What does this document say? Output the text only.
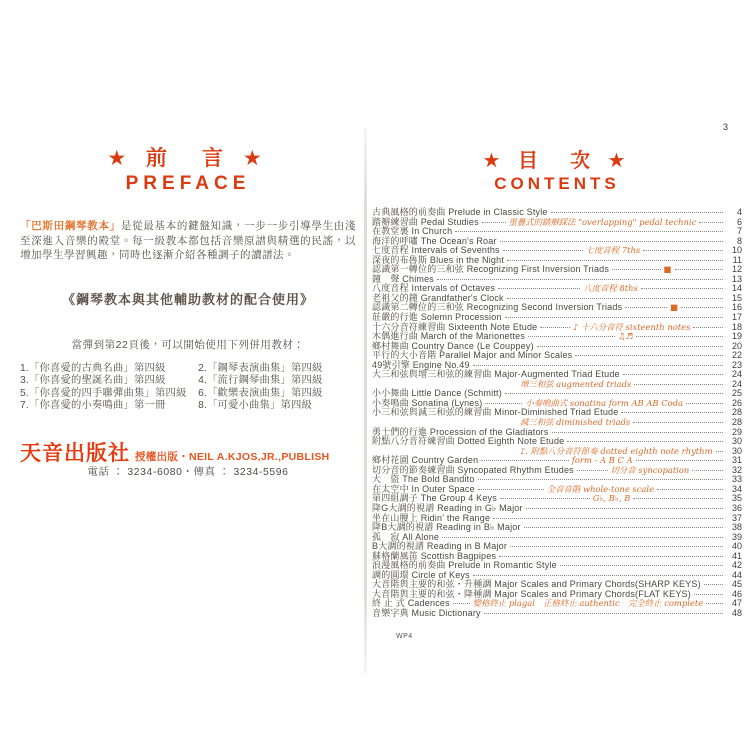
★ 前　言 ★
PREFACE
「巴斯田鋼琴教本」是從最基本的鍵盤知識，一步一步引導學生由淺至深進入音樂的殿堂。每一級教本都包括音樂原譜與精選的民謠，以增加學生學習興趣，同時也逐漸介紹各種調子的讀譜法。
《鋼琴教本與其他輔助教材的配合使用》
當彈到第22頁後，可以開始使用下列併用教材：
1.「你喜愛的古典名曲」第四級	2.「鋼琴表演曲集」第四級
3.「你喜愛的聖誕名曲」第四級	4.「流行鋼琴曲集」第四級
5.「你喜愛的四手聯彈曲集」第四級	6.「歡樂表演曲集」第四級
7.「你喜愛的小奏鳴曲」第一冊	8.「可愛小曲集」第四級
天音出版社 授權出版・NEIL A.KJOS,JR.,PUBLISH
電話 ： 3234-6080・傳真 ： 3234-5596
3
★ 目　次 ★
CONTENTS
古典風格的前奏曲 Prelude in Classic Style	4
踏瓣練習曲 Pedal Studies	重疊式的踏瓣踩法 "overlapping" pedal technic	6
在教堂裏 In Church	7
海洋的呼嘯 The Ocean's Roar	8
七度音程 Intervals of Sevenths	七度音程 7ths	10
深夜的布魯斯 Blues in the Night	11
認識第一轉位的三和弦 Recognizing First Inversion Triads	■	12
鐘　聲 Chimes	13
八度音程 Intervals of Octaves	八度音程 8ths	14
老祖父的鐘 Grandfather's Clock	15
認識第二轉位的三和弦 Recognizing Second Inversion Triads	■	16
莊嚴的行進 Solemn Procession	17
十六分音符練習曲 Sixteenth Note Etude	♪ 十六分音符 sixteenth notes	18
木偶進行曲 March of the Marionettes	♫♬	19
鄉村舞曲 Country Dance (Le Couppey)	20
平行的大小音階 Parallel Major and Minor Scales	22
49號引擎 Engine No.49	23
大三和弦與增三和弦的練習曲 Major-Augmented Triad Etude	24
增三和弦 augmented triads	24
小小舞曲 Little Dance (Schmitt)	25
小奏鳴曲 Sonatina (Lynes)	小奏鳴曲式 sonatina form AB AB Coda	26
小三和弦與減三和弦的練習曲 Minor-Diminished Triad Etude	28
減三和弦 diminished triads	28
勇士們的行進 Procession of the Gladiators	29
附點八分音符練習曲 Dotted Eighth Note Etude	30
♪. 附點八分音符節奏 dotted eighth note rhythm	30
鄉村花園 Country Garden	form - A B C A	31
切分音的節奏練習曲 Syncopated Rhythm Etudes	切分音 syncopation	32
大　盜 The Bold Bandito	33
在太空中 In Outer Space	全音音階 whole-tone scale	34
第四組調子 The Group 4 Keys	G♭, B♭, B	35
降G大調的視譜 Reading in G♭ Major	36
坐在山腰上 Ridin' the Range	37
降B大調的視譜 Reading in B♭ Major	38
孤　寂 All Alone	39
B大調的視譜 Reading in B Major	40
蘇格蘭風笛 Scottish Bagpipes	41
浪漫風格的前奏曲 Prelude in Romantic Style	42
調的圓環 Circle of Keys	44
大音階與主要的和弦・升種調 Major Scales and Primary Chords(SHARP KEYS)	45
大音階與主要的和弦・降種調 Major Scales and Primary Chords(FLAT KEYS)	46
終 止 式 Cadences	變格終止 plagal　正格終止 authentic　完全終止 complete	47
音樂字典 Music Dictionary	48
WP4
